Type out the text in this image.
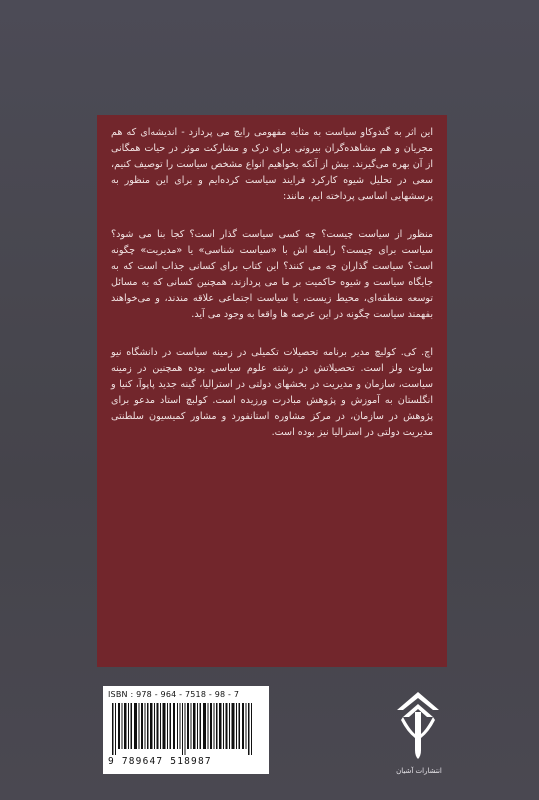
این اثر به گندوکاو سیاست به مثابه مفهومی رایج می پردازد - اندیشه‌ای که هم مجریان و هم مشاهده‌گران بیرونی برای درک و مشارکت موثر در حیات همگانی از آن بهره می‌گیرند. بیش از آنکه بخواهیم انواع مشخص سیاست را توصیف کنیم، سعی در تحلیل شیوه کارکرد فرایند سیاست کرده‌ایم و برای این منظور به پرسشهایی اساسی پرداخته ایم، مانند:

منظور از سیاست چیست؟ چه کسی سیاست گذار است؟ کجا بنا می شود؟ سیاست برای چیست؟ رابطه اش با «سیاست شناسی» یا «مدیریت» چگونه است؟ سیاست گذاران چه می کنند؟ این کتاب برای کسانی جذاب است که به جایگاه سیاست و شیوه حاکمیت بر ما می پردازند، همچنین کسانی که به مسائل توسعه منطقه‌ای، محیط زیست، یا سیاست اجتماعی علاقه مندند، و می‌خواهند بفهمند سیاست چگونه در این عرصه ها واقعا به وجود می آید.

اچ. کی. کولبچ مدیر برنامه تحصیلات تکمیلی در زمینه سیاست در دانشگاه نیو ساوث ولز است. تحصیلاتش در رشته علوم سیاسی بوده همچنین در زمینه سیاست، سازمان و مدیریت در بخشهای دولتی در استرالیا، گینه جدید پاپوآ، کنیا و انگلستان به آموزش و پژوهش مبادرت ورزیده است. کولبچ استاد مدعو برای پژوهش در سازمان، در مرکز مشاوره استانفورد و مشاور کمیسیون سلطنتی مدیریت دولتی در استرالیا نیز بوده است.

ISBN : 978 - 964 - 7518 - 98 - 7
9 789647 518987
انتشارات آشیان
